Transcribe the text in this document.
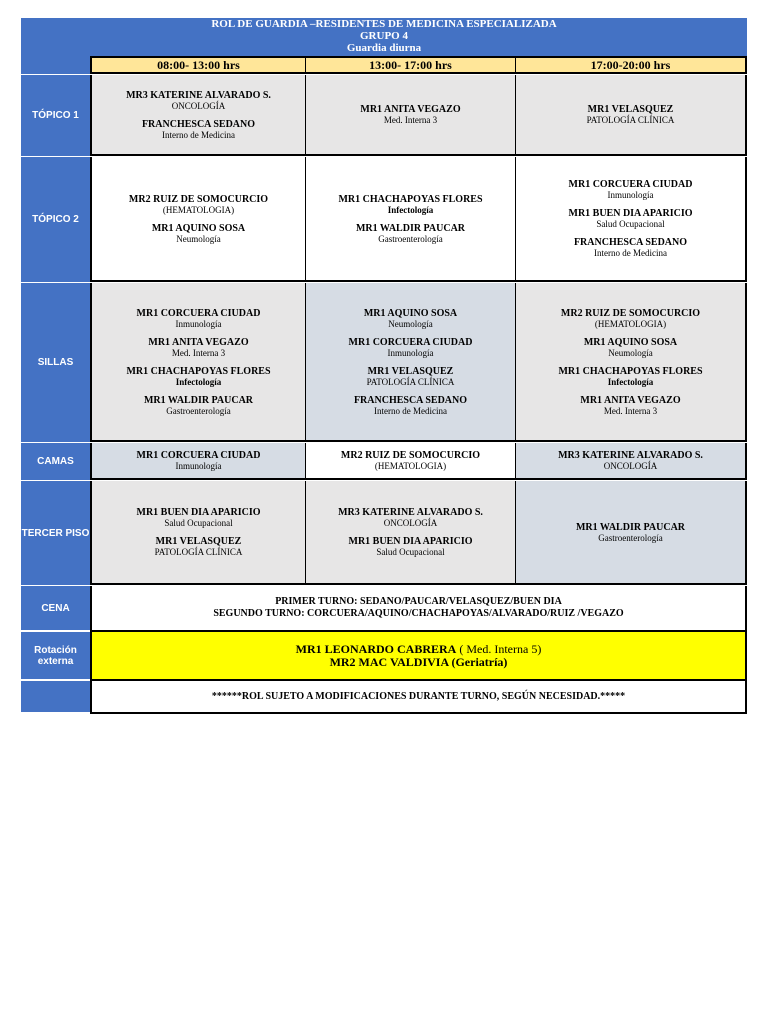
ROL DE GUARDIA –RESIDENTES DE MEDICINA ESPECIALIZADA
GRUPO 4
Guardia diurna
08:00- 13:00 hrs	13:00- 17:00 hrs	17:00-20:00 hrs
TÓPICO 1
MR3 KATERINE ALVARADO S.
ONCOLOGÍA
FRANCHESCA SEDANO
Interno de Medicina
MR1 ANITA VEGAZO
Med. Interna 3
MR1 VELASQUEZ
PATOLOGÍA CLÍNICA
TÓPICO 2
MR2 RUIZ DE SOMOCURCIO
(HEMATOLOGIA)
MR1 AQUINO SOSA
Neumología
MR1 CHACHAPOYAS FLORES
Infectología
MR1 WALDIR PAUCAR
Gastroenterología
MR1 CORCUERA CIUDAD
Inmunología
MR1 BUEN DIA APARICIO
Salud Ocupacional
FRANCHESCA SEDANO
Interno de Medicina
SILLAS
MR1 CORCUERA CIUDAD
Inmunología
MR1 ANITA VEGAZO
Med. Interna 3
MR1 CHACHAPOYAS FLORES
Infectología
MR1 WALDIR PAUCAR
Gastroenterología
MR1 AQUINO SOSA
Neumología
MR1 CORCUERA CIUDAD
Inmunología
MR1 VELASQUEZ
PATOLOGÍA CLÍNICA
FRANCHESCA SEDANO
Interno de Medicina
MR2 RUIZ DE SOMOCURCIO
(HEMATOLOGIA)
MR1 AQUINO SOSA
Neumología
MR1 CHACHAPOYAS FLORES
Infectología
MR1 ANITA VEGAZO
Med. Interna 3
CAMAS
MR1 CORCUERA CIUDAD
Inmunología
MR2 RUIZ DE SOMOCURCIO
(HEMATOLOGIA)
MR3 KATERINE ALVARADO S.
ONCOLOGÍA
TERCER PISO
MR1 BUEN DIA APARICIO
Salud Ocupacional
MR1 VELASQUEZ
PATOLOGÍA CLÍNICA
MR3 KATERINE ALVARADO S.
ONCOLOGÍA
MR1 BUEN DIA APARICIO
Salud Ocupacional
MR1 WALDIR PAUCAR
Gastroenterología
CENA
PRIMER TURNO: SEDANO/PAUCAR/VELASQUEZ/BUEN DIA
SEGUNDO TURNO: CORCUERA/AQUINO/CHACHAPOYAS/ALVARADO/RUIZ /VEGAZO
Rotación externa
MR1 LEONARDO CABRERA ( Med. Interna 5)
MR2 MAC VALDIVIA (Geriatría)
******ROL SUJETO A MODIFICACIONES DURANTE TURNO, SEGÚN NECESIDAD.*****
